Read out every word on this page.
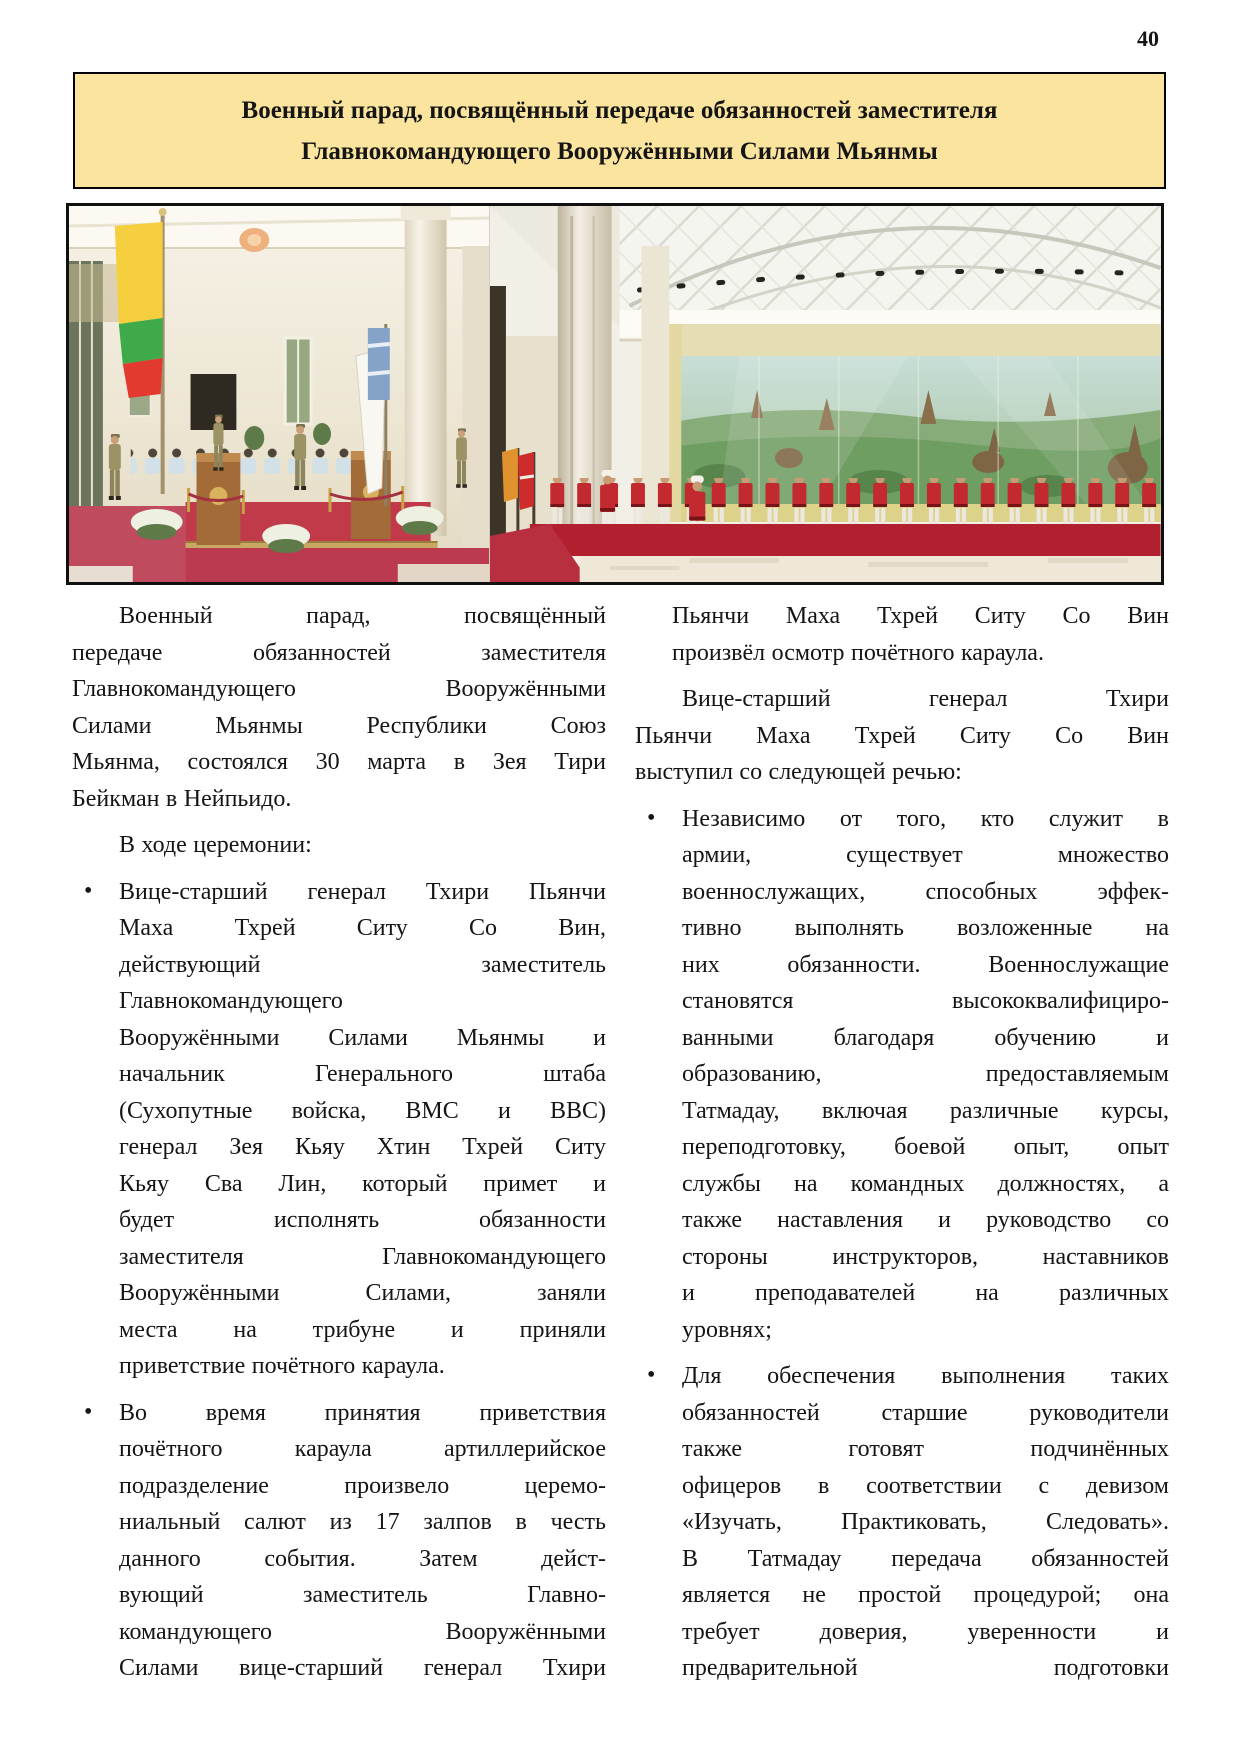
40
Военный парад, посвящённый передаче обязанностей заместителя
Главнокомандующего Вооружёнными Силами Мьянмы
Военный парад, посвящённый
передаче обязанностей заместителя
Главнокомандующего Вооружёнными
Силами Мьянмы Республики Союз
Мьянма, состоялся 30 марта в Зея Тири
Бейкман в Нейпьидо.
В ходе церемонии:
• Вице-старший генерал Тхири Пьянчи
Маха Тхрей Ситу Со Вин,
действующий заместитель
Главнокомандующего
Вооружёнными Силами Мьянмы и
начальник Генерального штаба
(Сухопутные войска, ВМС и ВВС)
генерал Зея Кьяу Хтин Тхрей Ситу
Кьяу Сва Лин, который примет и
будет исполнять обязанности
заместителя Главнокомандующего
Вооружёнными Силами, заняли
места на трибуне и приняли
приветствие почётного караула.
• Во время принятия приветствия
почётного караула артиллерийское
подразделение произвело церемо-
ниальный салют из 17 залпов в честь
данного события. Затем дейст-
вующий заместитель Главно-
командующего Вооружёнными
Силами вице-старший генерал Тхири
Пьянчи Маха Тхрей Ситу Со Вин
произвёл осмотр почётного караула.
Вице-старший генерал Тхири
Пьянчи Маха Тхрей Ситу Со Вин
выступил со следующей речью:
• Независимо от того, кто служит в
армии, существует множество
военнослужащих, способных эффек-
тивно выполнять возложенные на
них обязанности. Военнослужащие
становятся высококвалифициро-
ванными благодаря обучению и
образованию, предоставляемым
Татмадау, включая различные курсы,
переподготовку, боевой опыт, опыт
службы на командных должностях, а
также наставления и руководство со
стороны инструкторов, наставников
и преподавателей на различных
уровнях;
• Для обеспечения выполнения таких
обязанностей старшие руководители
также готовят подчинённых
офицеров в соответствии с девизом
«Изучать, Практиковать, Следовать».
В Татмадау передача обязанностей
является не простой процедурой; она
требует доверия, уверенности и
предварительной подготовки
